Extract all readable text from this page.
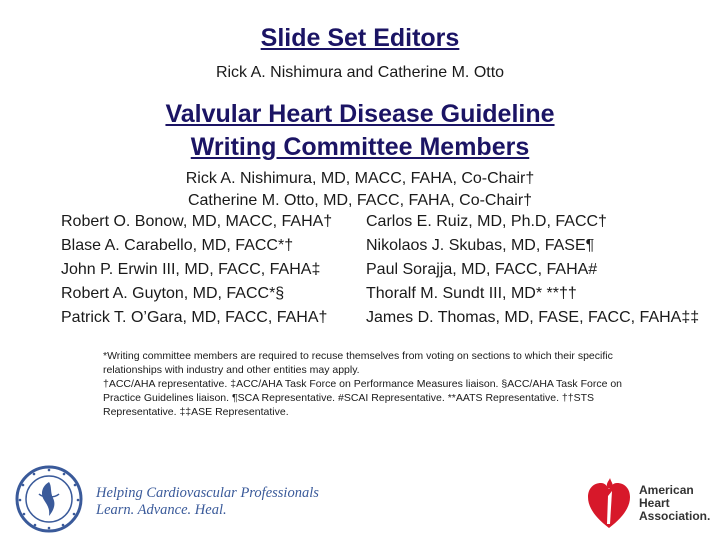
Slide Set Editors
Rick A. Nishimura and Catherine M. Otto
Valvular Heart Disease Guideline
Writing Committee Members
Rick A. Nishimura, MD, MACC, FAHA, Co-Chair†
Catherine M. Otto, MD, FACC, FAHA, Co-Chair†
Robert O. Bonow, MD, MACC, FAHA†
Blase A. Carabello, MD, FACC*†
John P. Erwin III, MD, FACC, FAHA‡
Robert A. Guyton, MD, FACC*§
Patrick T. O’Gara, MD, FACC, FAHA†
Carlos E. Ruiz, MD, Ph.D, FACC†
Nikolaos J. Skubas, MD, FASE¶
Paul Sorajja, MD, FACC, FAHA#
Thoralf M. Sundt III, MD* **††
James D. Thomas, MD, FASE, FACC, FAHA‡‡
*Writing committee members are required to recuse themselves from voting on sections to which their specific
relationships with industry and other entities may apply.
†ACC/AHA representative. ‡ACC/AHA Task Force on Performance Measures liaison. §ACC/AHA Task Force on
Practice Guidelines liaison. ¶SCA Representative. #SCAI Representative. **AATS Representative. ††STS
Representative. ‡‡ASE Representative.
Helping Cardiovascular Professionals
Learn. Advance. Heal.
American
Heart
Association.
